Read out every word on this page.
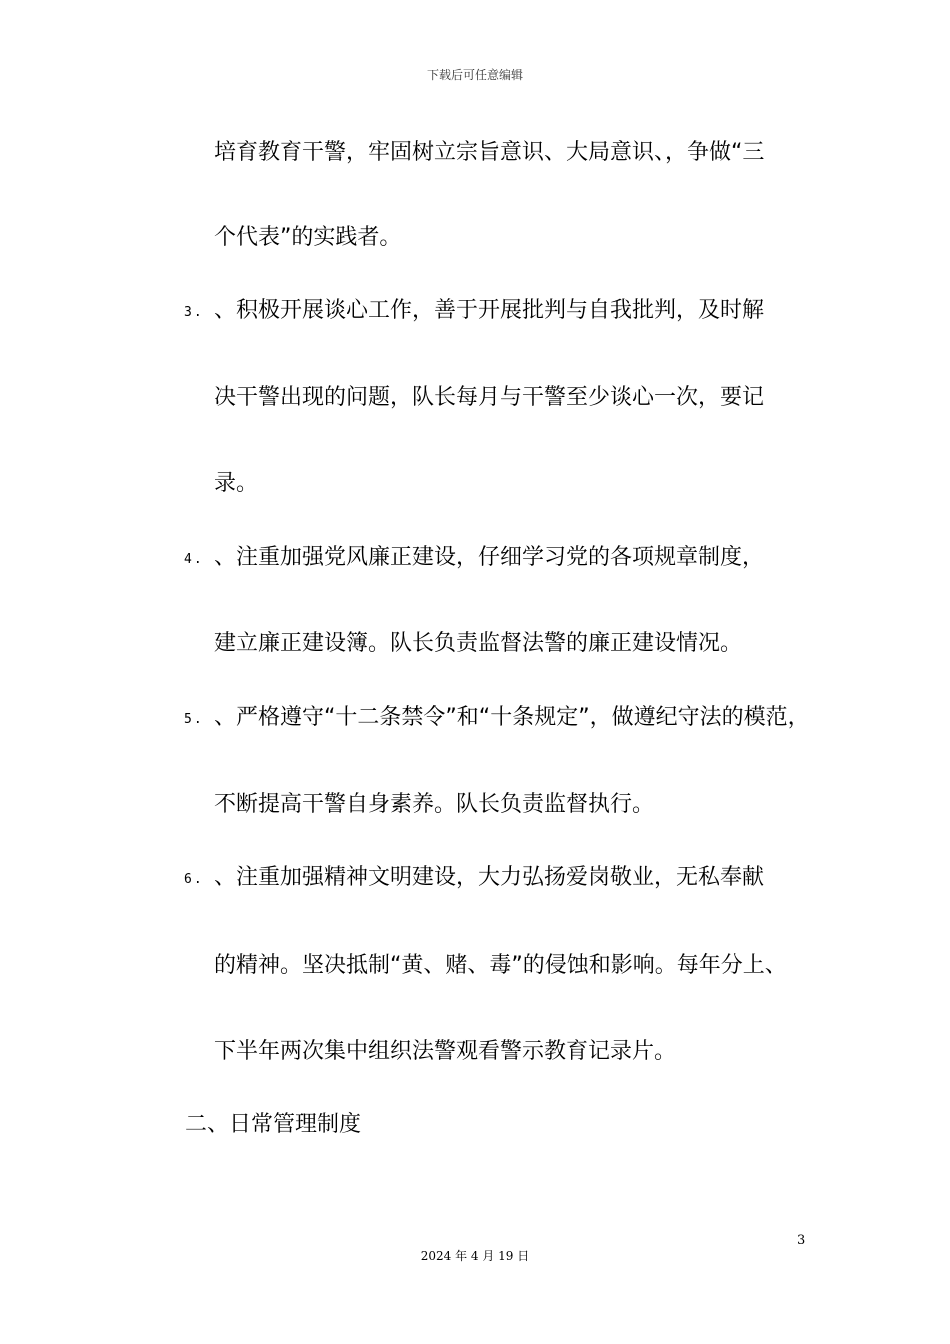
下载后可任意编辑
培育教育干警，牢固树立宗旨意识、大局意识、，争做“三
个代表”的实践者。
3. 、积极开展谈心工作，善于开展批判与自我批判，及时解
决干警出现的问题，队长每月与干警至少谈心一次，要记
录。
4. 、注重加强党风廉正建设，仔细学习党的各项规章制度，
建立廉正建设簿。队长负责监督法警的廉正建设情况。
5. 、严格遵守“十二条禁令”和“十条规定”，做遵纪守法的模范，
不断提高干警自身素养。队长负责监督执行。
6. 、注重加强精神文明建设，大力弘扬爱岗敬业，无私奉献
的精神。坚决抵制“黄、赌、毒”的侵蚀和影响。每年分上、
下半年两次集中组织法警观看警示教育记录片。
二、日常管理制度
3
2024 年 4 月 19 日
